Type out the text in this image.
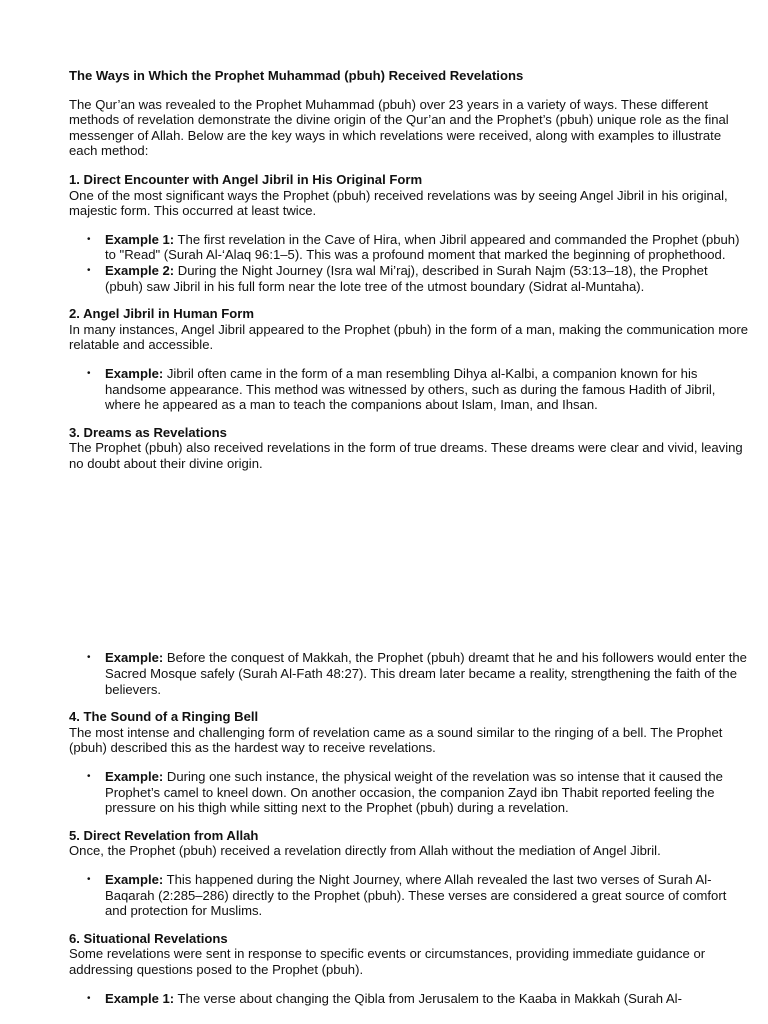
The Ways in Which the Prophet Muhammad (pbuh) Received Revelations

The Qur’an was revealed to the Prophet Muhammad (pbuh) over 23 years in a variety of ways. These different methods of revelation demonstrate the divine origin of the Qur’an and the Prophet’s (pbuh) unique role as the final messenger of Allah. Below are the key ways in which revelations were received, along with examples to illustrate each method:

1. Direct Encounter with Angel Jibril in His Original Form

One of the most significant ways the Prophet (pbuh) received revelations was by seeing Angel Jibril in his original, majestic form. This occurred at least twice.

• Example 1: The first revelation in the Cave of Hira, when Jibril appeared and commanded the Prophet (pbuh) to "Read" (Surah Al-‘Alaq 96:1–5). This was a profound moment that marked the beginning of prophethood.
• Example 2: During the Night Journey (Isra wal Mi’raj), described in Surah Najm (53:13–18), the Prophet (pbuh) saw Jibril in his full form near the lote tree of the utmost boundary (Sidrat al-Muntaha).

2. Angel Jibril in Human Form

In many instances, Angel Jibril appeared to the Prophet (pbuh) in the form of a man, making the communication more relatable and accessible.

• Example: Jibril often came in the form of a man resembling Dihya al-Kalbi, a companion known for his handsome appearance. This method was witnessed by others, such as during the famous Hadith of Jibril, where he appeared as a man to teach the companions about Islam, Iman, and Ihsan.

3. Dreams as Revelations

The Prophet (pbuh) also received revelations in the form of true dreams. These dreams were clear and vivid, leaving no doubt about their divine origin.

• Example: Before the conquest of Makkah, the Prophet (pbuh) dreamt that he and his followers would enter the Sacred Mosque safely (Surah Al-Fath 48:27). This dream later became a reality, strengthening the faith of the believers.

4. The Sound of a Ringing Bell

The most intense and challenging form of revelation came as a sound similar to the ringing of a bell. The Prophet (pbuh) described this as the hardest way to receive revelations.

• Example: During one such instance, the physical weight of the revelation was so intense that it caused the Prophet’s camel to kneel down. On another occasion, the companion Zayd ibn Thabit reported feeling the pressure on his thigh while sitting next to the Prophet (pbuh) during a revelation.

5. Direct Revelation from Allah

Once, the Prophet (pbuh) received a revelation directly from Allah without the mediation of Angel Jibril.

• Example: This happened during the Night Journey, where Allah revealed the last two verses of Surah Al-Baqarah (2:285–286) directly to the Prophet (pbuh). These verses are considered a great source of comfort and protection for Muslims.

6. Situational Revelations

Some revelations were sent in response to specific events or circumstances, providing immediate guidance or addressing questions posed to the Prophet (pbuh).

• Example 1: The verse about changing the Qibla from Jerusalem to the Kaaba in Makkah (Surah Al-
